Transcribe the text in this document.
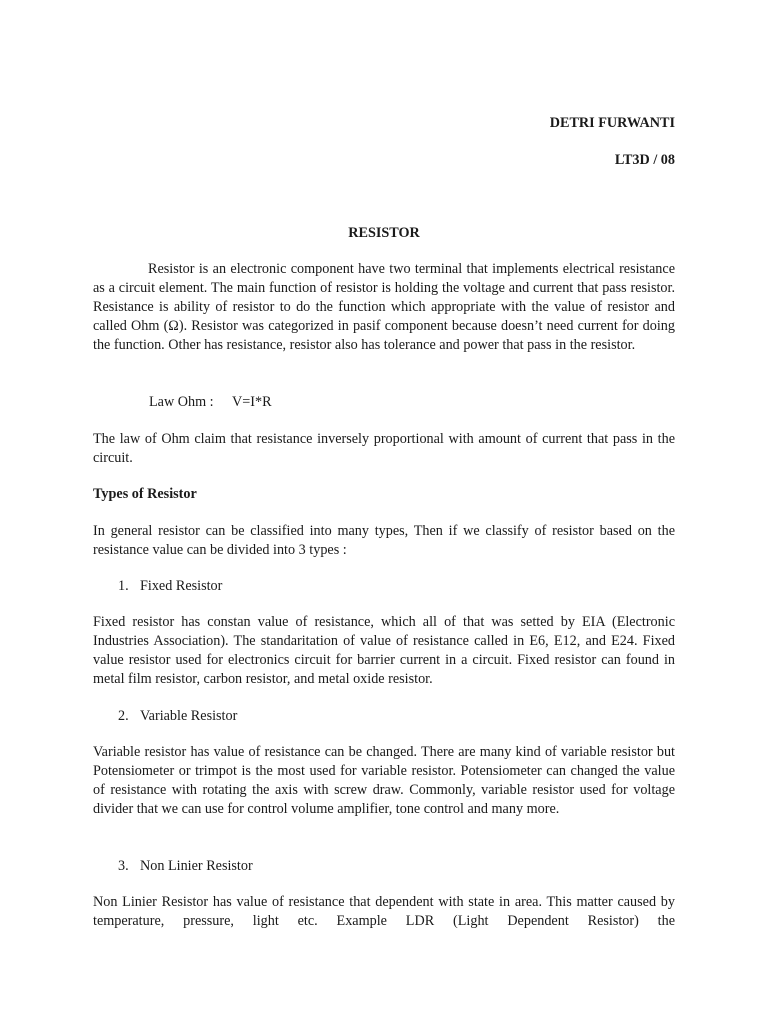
DETRI FURWANTI
LT3D / 08
RESISTOR

Resistor is an electronic component have two terminal that implements electrical resistance as a circuit element. The main function of resistor is holding the voltage and current that pass resistor. Resistance is ability of resistor to do the function which appropriate with the value of resistor and called Ohm (Ω). Resistor was categorized in pasif component because doesn’t need current for doing the function. Other has resistance, resistor also has tolerance and power that pass in the resistor.

Law Ohm : V=I*R

The law of Ohm claim that resistance inversely proportional with amount of current that pass in the circuit.

Types of Resistor

In general resistor can be classified into many types, Then if we classify of resistor based on the resistance value can be divided into 3 types :

1. Fixed Resistor

Fixed resistor has constan value of resistance, which all of that was setted by EIA (Electronic Industries Association). The standaritation of value of resistance called in E6, E12, and E24. Fixed value resistor used for electronics circuit for barrier current in a circuit. Fixed resistor can found in metal film resistor, carbon resistor, and metal oxide resistor.

2. Variable Resistor

Variable resistor has value of resistance can be changed. There are many kind of variable resistor but Potensiometer or trimpot is the most used for variable resistor. Potensiometer can changed the value of resistance with rotating the axis with screw draw. Commonly, variable resistor used for voltage divider that we can use for control volume amplifier, tone control and many more.

3. Non Linier Resistor

Non Linier Resistor has value of resistance that dependent with state in area. This matter caused by temperature, pressure, light etc. Example LDR (Light Dependent Resistor) the
